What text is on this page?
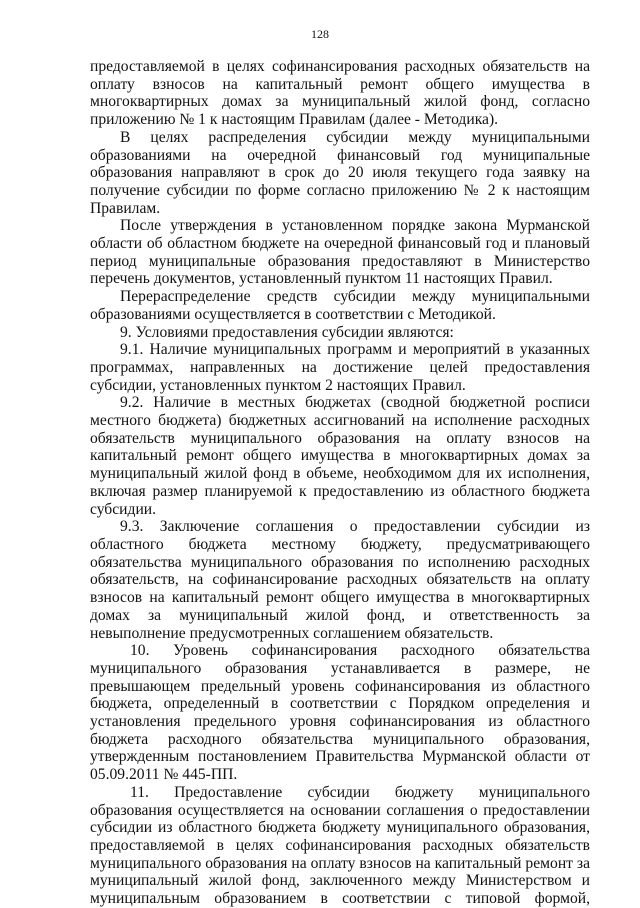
128

предоставляемой в целях софинансирования расходных обязательств на оплату взносов на капитальный ремонт общего имущества в многоквартирных домах за муниципальный жилой фонд, согласно приложению № 1 к настоящим Правилам (далее - Методика).

В целях распределения субсидии между муниципальными образованиями на очередной финансовый год муниципальные образования направляют в срок до 20 июля текущего года заявку на получение субсидии по форме согласно приложению № 2 к настоящим Правилам.

После утверждения в установленном порядке закона Мурманской области об областном бюджете на очередной финансовый год и плановый период муниципальные образования предоставляют в Министерство перечень документов, установленный пунктом 11 настоящих Правил.

Перераспределение средств субсидии между муниципальными образованиями осуществляется в соответствии с Методикой.

9. Условиями предоставления субсидии являются:

9.1. Наличие муниципальных программ и мероприятий в указанных программах, направленных на достижение целей предоставления субсидии, установленных пунктом 2 настоящих Правил.

9.2. Наличие в местных бюджетах (сводной бюджетной росписи местного бюджета) бюджетных ассигнований на исполнение расходных обязательств муниципального образования на оплату взносов на капитальный ремонт общего имущества в многоквартирных домах за муниципальный жилой фонд в объеме, необходимом для их исполнения, включая размер планируемой к предоставлению из областного бюджета субсидии.

9.3. Заключение соглашения о предоставлении субсидии из областного бюджета местному бюджету, предусматривающего обязательства муниципального образования по исполнению расходных обязательств, на софинансирование расходных обязательств на оплату взносов на капитальный ремонт общего имущества в многоквартирных домах за муниципальный жилой фонд, и ответственность за невыполнение предусмотренных соглашением обязательств.

10. Уровень софинансирования расходного обязательства муниципального образования устанавливается в размере, не превышающем предельный уровень софинансирования из областного бюджета, определенный в соответствии с Порядком определения и установления предельного уровня софинансирования из областного бюджета расходного обязательства муниципального образования, утвержденным постановлением Правительства Мурманской области от 05.09.2011 № 445-ПП.

11. Предоставление субсидии бюджету муниципального образования осуществляется на основании соглашения о предоставлении субсидии из областного бюджета бюджету муниципального образования, предоставляемой в целях софинансирования расходных обязательств муниципального образования на оплату взносов на капитальный ремонт за муниципальный жилой фонд, заключенного между Министерством и муниципальным образованием в соответствии с типовой формой,
